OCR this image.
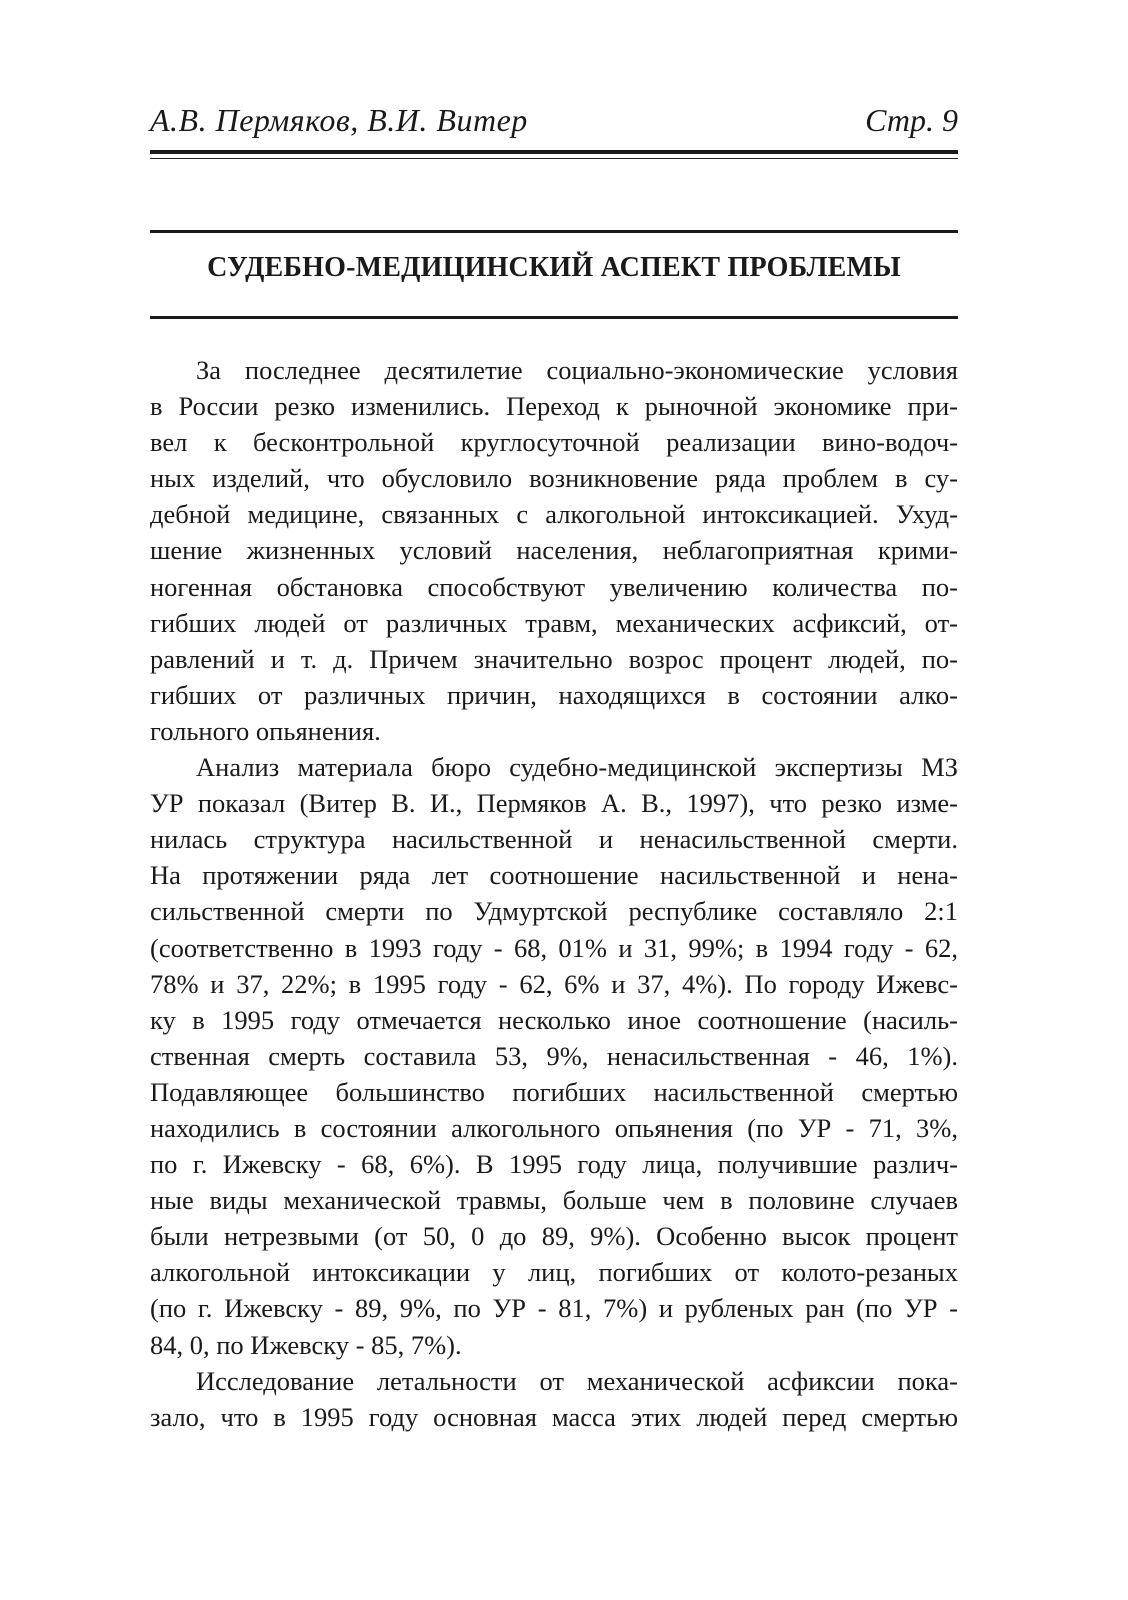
А.В. Пермяков, В.И. Витер	Стр. 9
СУДЕБНО-МЕДИЦИНСКИЙ АСПЕКТ ПРОБЛЕМЫ
За последнее десятилетие социально-экономические условия
в России резко изменились. Переход к рыночной экономике при-
вел к бесконтрольной круглосуточной реализации вино-водоч-
ных изделий, что обусловило возникновение ряда проблем в су-
дебной медицине, связанных с алкогольной интоксикацией. Ухуд-
шение жизненных условий населения, неблагоприятная крими-
ногенная обстановка способствуют увеличению количества по-
гибших людей от различных травм, механических асфиксий, от-
равлений и т. д. Причем значительно возрос процент людей, по-
гибших от различных причин, находящихся в состоянии алко-
гольного опьянения.
Анализ материала бюро судебно-медицинской экспертизы МЗ
УР показал (Витер В. И., Пермяков А. В., 1997), что резко изме-
нилась структура насильственной и ненасильственной смерти.
На протяжении ряда лет соотношение насильственной и нена-
сильственной смерти по Удмуртской республике составляло 2:1
(соответственно в 1993 году - 68, 01% и 31, 99%; в 1994 году - 62,
78% и 37, 22%; в 1995 году - 62, 6% и 37, 4%). По городу Ижевс-
ку в 1995 году отмечается несколько иное соотношение (насиль-
ственная смерть составила 53, 9%, ненасильственная - 46, 1%).
Подавляющее большинство погибших насильственной смертью
находились в состоянии алкогольного опьянения (по УР - 71, 3%,
по г. Ижевску - 68, 6%). В 1995 году лица, получившие различ-
ные виды механической травмы, больше чем в половине случаев
были нетрезвыми (от 50, 0 до 89, 9%). Особенно высок процент
алкогольной интоксикации у лиц, погибших от колото-резаных
(по г. Ижевску - 89, 9%, по УР - 81, 7%) и рубленых ран (по УР -
84, 0, по Ижевску - 85, 7%).
Исследование летальности от механической асфиксии пока-
зало, что в 1995 году основная масса этих людей перед смертью
